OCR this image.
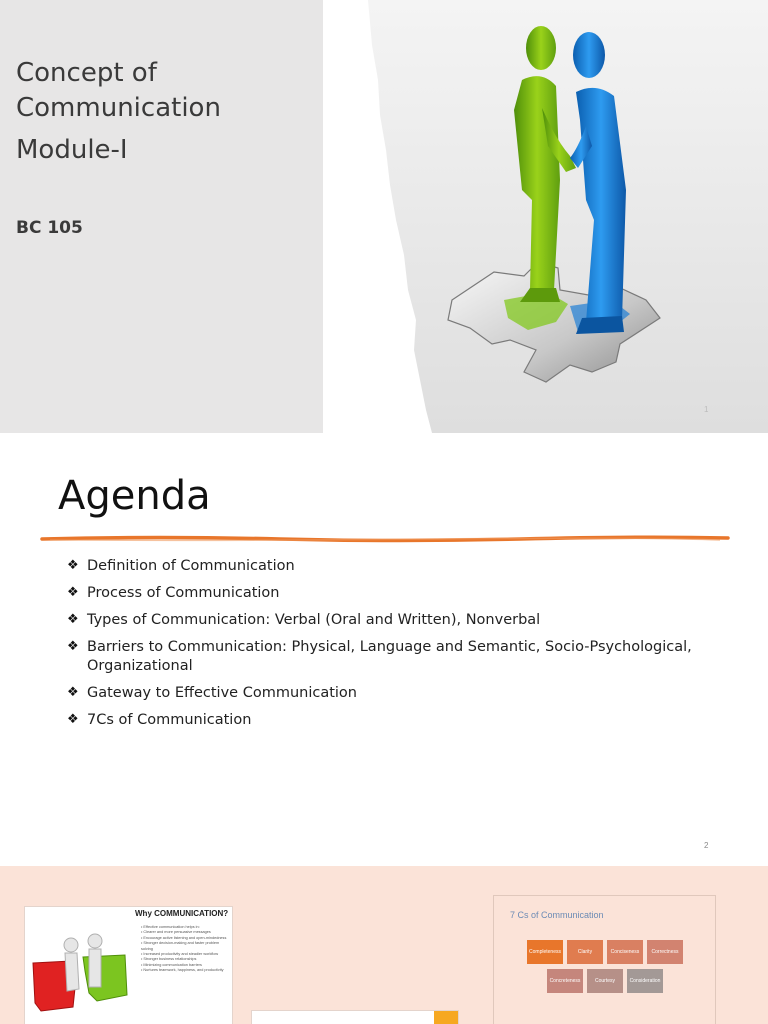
Concept of Communication
Module-I
BC 105
1
Agenda
❖ Definition of Communication
❖ Process of Communication
❖ Types of Communication: Verbal (Oral and Written), Nonverbal
❖ Barriers to Communication: Physical, Language and Semantic, Socio-Psychological, Organizational
❖ Gateway to Effective Communication
❖ 7Cs of Communication
2
Why COMMUNICATION?
• Effective communication helps in:
• Clearer and more persuasive messages
• Encourage active listening and open-mindedness
• Stronger decision-making and faster problem solving
• Increased productivity and steadier workflow
• Stronger business relationships
• Minimizing communication barriers
• Nurtures teamwork, happiness, and productivity
7 Cs of Communication
Completeness	Clarity	Conciseness	Correctness
Concreteness	Courtesy	Consideration
